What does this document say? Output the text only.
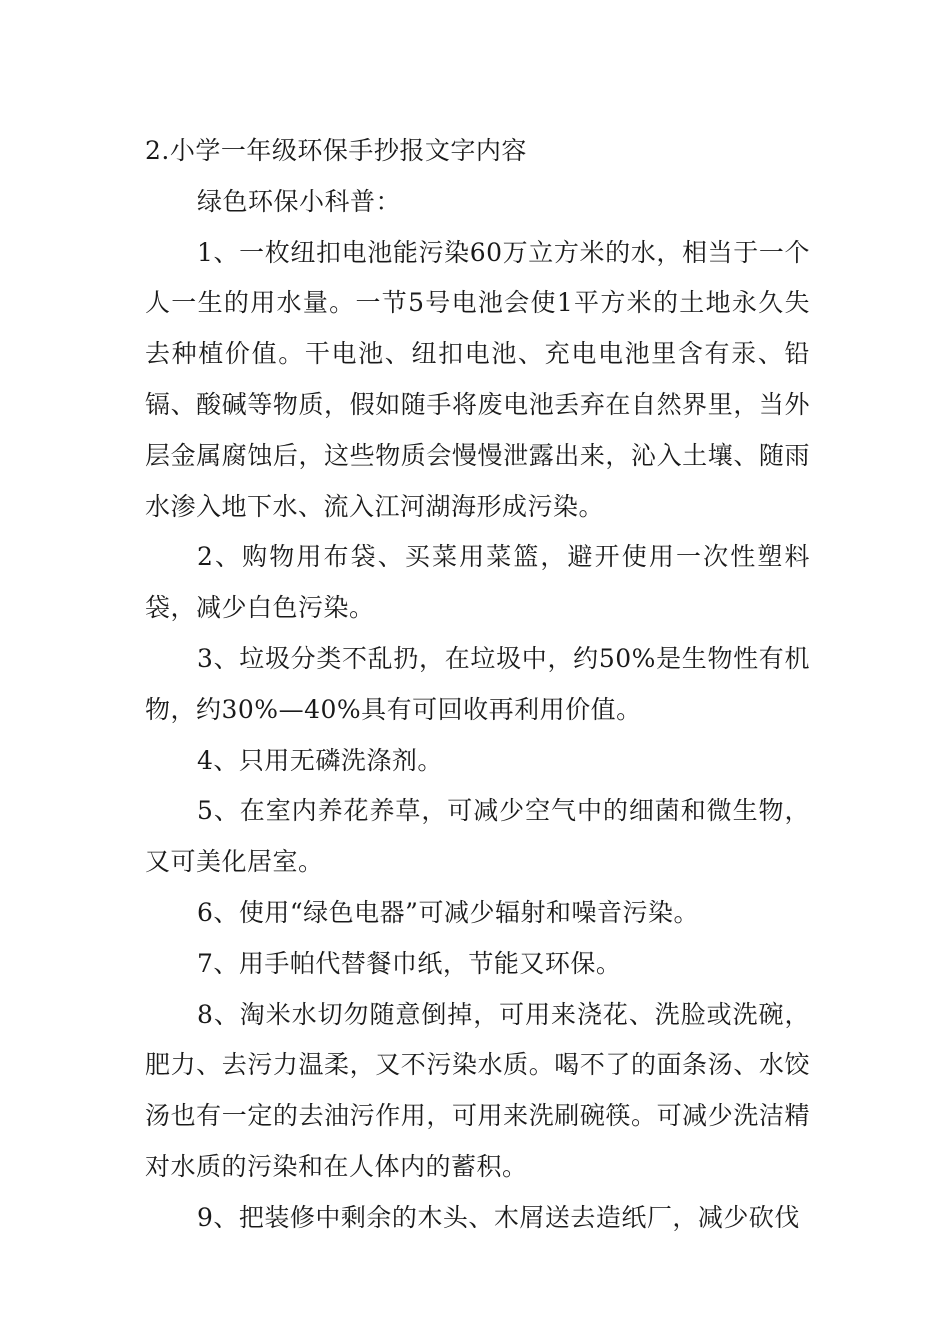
2.小学一年级环保手抄报文字内容

绿色环保小科普：

1、一枚纽扣电池能污染60万立方米的水，相当于一个人一生的用水量。一节5号电池会使1平方米的土地永久失去种植价值。干电池、纽扣电池、充电电池里含有汞、铅镉、酸碱等物质，假如随手将废电池丢弃在自然界里，当外层金属腐蚀后，这些物质会慢慢泄露出来，沁入土壤、随雨水渗入地下水、流入江河湖海形成污染。

2、购物用布袋、买菜用菜篮，避开使用一次性塑料袋，减少白色污染。

3、垃圾分类不乱扔，在垃圾中，约50%是生物性有机物，约30%—40%具有可回收再利用价值。

4、只用无磷洗涤剂。

5、在室内养花养草，可减少空气中的细菌和微生物，又可美化居室。

6、使用“绿色电器”可减少辐射和噪音污染。

7、用手帕代替餐巾纸，节能又环保。

8、淘米水切勿随意倒掉，可用来浇花、洗脸或洗碗，肥力、去污力温柔，又不污染水质。喝不了的面条汤、水饺汤也有一定的去油污作用，可用来洗刷碗筷。可减少洗洁精对水质的污染和在人体内的蓄积。

9、把装修中剩余的木头、木屑送去造纸厂，减少砍伐
